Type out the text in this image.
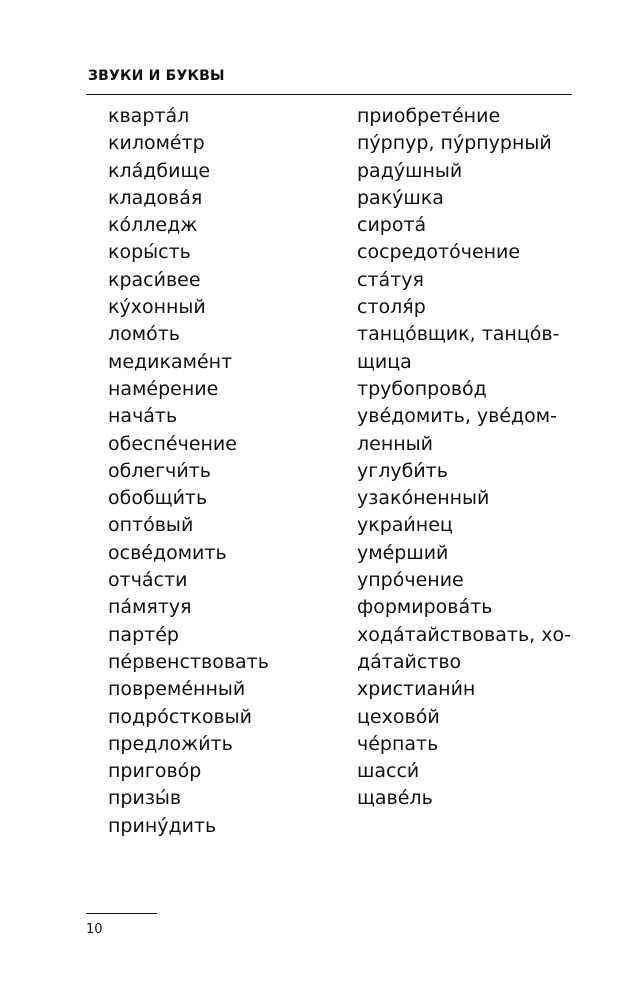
ЗВУКИ И БУКВЫ
кварта́л
киломе́тр
кла́дбище
кладова́я
ко́лледж
коры́сть
краси́вее
ку́хонный
ломо́ть
медикаме́нт
наме́рение
нача́ть
обеспе́чение
облегчи́ть
обобщи́ть
опто́вый
осве́домить
отча́сти
па́мятуя
парте́р
пе́рвенствовать
повреме́нный
подро́стковый
предложи́ть
пригово́р
призы́в
прину́дить
приобрете́ние
пу́рпур, пу́рпурный
раду́шный
раку́шка
сирота́
сосредото́чение
ста́туя
столя́р
танцо́вщик, танцо́в-
щица
трубопрово́д
уве́домить, уве́дом-
ленный
углуби́ть
узако́ненный
украи́нец
уме́рший
упро́чение
формирова́ть
хода́тайствовать, хо-
да́тайство
христиани́н
цехово́й
че́рпать
шасси́
щаве́ль

10
